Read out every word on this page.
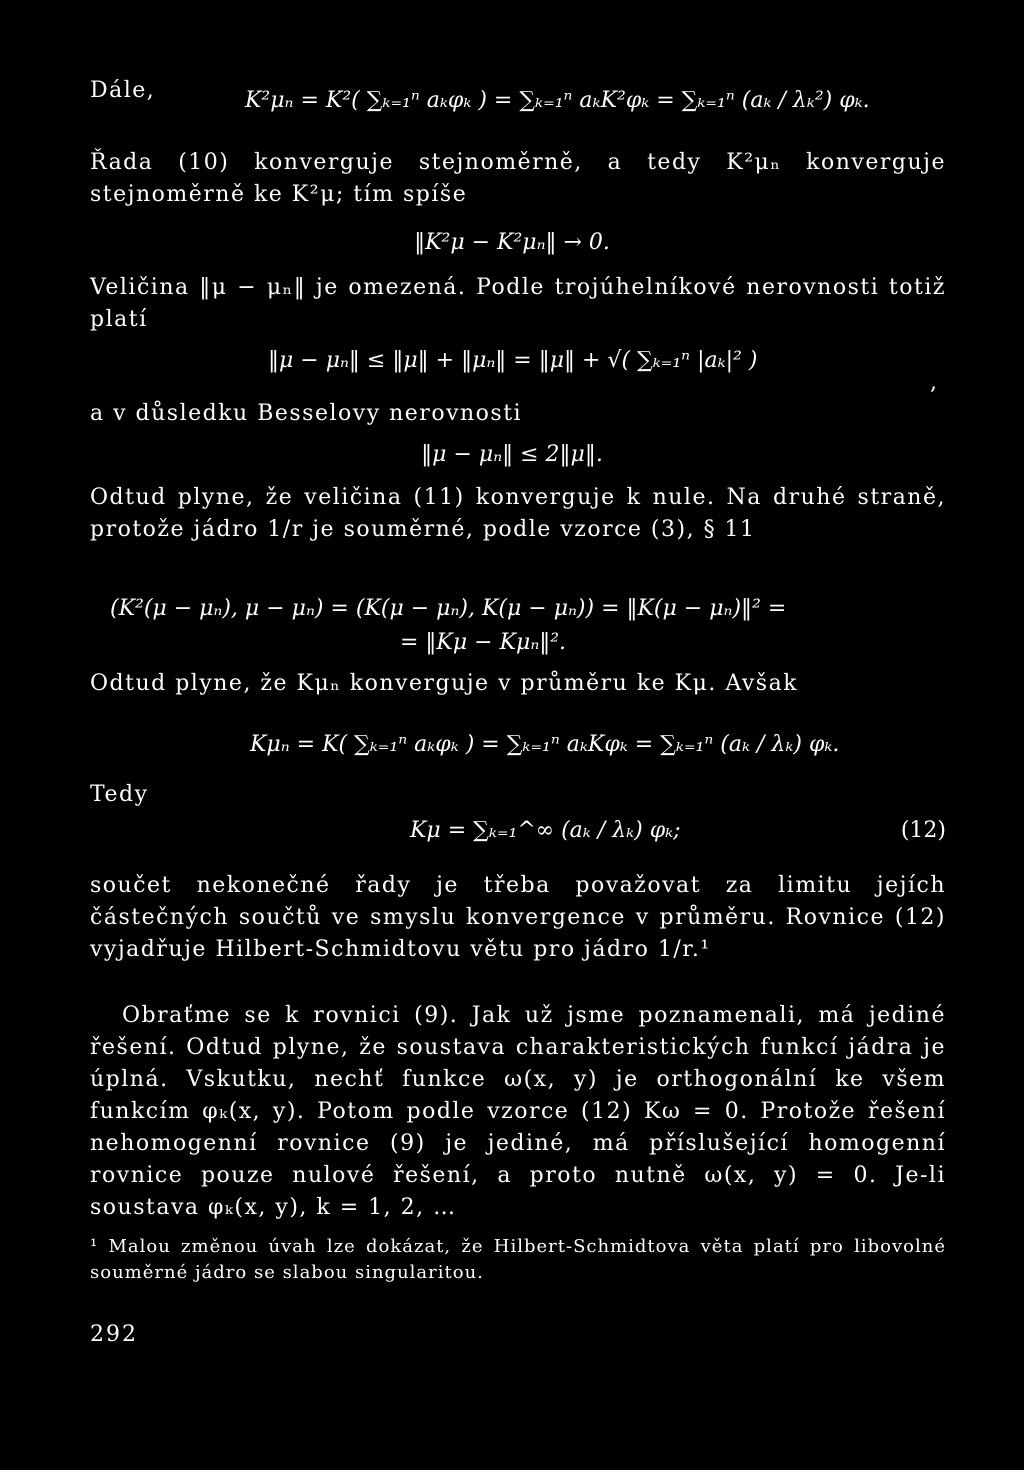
Dále,	K²μₙ = K²( ∑ₖ₌₁ⁿ aₖφₖ ) = ∑ₖ₌₁ⁿ aₖK²φₖ = ∑ₖ₌₁ⁿ (aₖ / λₖ²) φₖ.

Řada (10) konverguje stejnoměrně, a tedy K²μₙ konverguje stejnoměrně ke K²μ; tím spíše

‖K²μ − K²μₙ‖ → 0.

Veličina ‖μ − μₙ‖ je omezená. Podle trojúhelníkové nerovnosti totiž platí

‖μ − μₙ‖ ≤ ‖μ‖ + ‖μₙ‖ = ‖μ‖ + √( ∑ₖ₌₁ⁿ |aₖ|² )
,

a v důsledku Besselovy nerovnosti

‖μ − μₙ‖ ≤ 2‖μ‖.

Odtud plyne, že veličina (11) konverguje k nule. Na druhé straně, protože jádro 1/r je souměrné, podle vzorce (3), § 11

(K²(μ − μₙ), μ − μₙ) = (K(μ − μₙ), K(μ − μₙ)) = ‖K(μ − μₙ)‖² =
= ‖Kμ − Kμₙ‖².

Odtud plyne, že Kμₙ konverguje v průměru ke Kμ. Avšak

Kμₙ = K( ∑ₖ₌₁ⁿ aₖφₖ ) = ∑ₖ₌₁ⁿ aₖKφₖ = ∑ₖ₌₁ⁿ (aₖ / λₖ) φₖ.
Tedy
Kμ = ∑ₖ₌₁^∞ (aₖ / λₖ) φₖ;	(12)

součet nekonečné řady je třeba považovat za limitu jejích částečných součtů ve smyslu konvergence v průměru. Rovnice (12) vyjadřuje Hilbert-Schmidtovu větu pro jádro 1/r.¹

Obraťme se k rovnici (9). Jak už jsme poznamenali, má jediné řešení. Odtud plyne, že soustava charakteristických funkcí jádra je úplná. Vskutku, nechť funkce ω(x, y) je orthogonální ke všem funkcím φₖ(x, y). Potom podle vzorce (12) Kω = 0. Protože řešení nehomogenní rovnice (9) je jediné, má příslušející homogenní rovnice pouze nulové řešení, a proto nutně ω(x, y) = 0. Je-li soustava φₖ(x, y), k = 1, 2, …

¹ Malou změnou úvah lze dokázat, že Hilbert-Schmidtova věta platí pro libovolné souměrné jádro se slabou singularitou.
292
